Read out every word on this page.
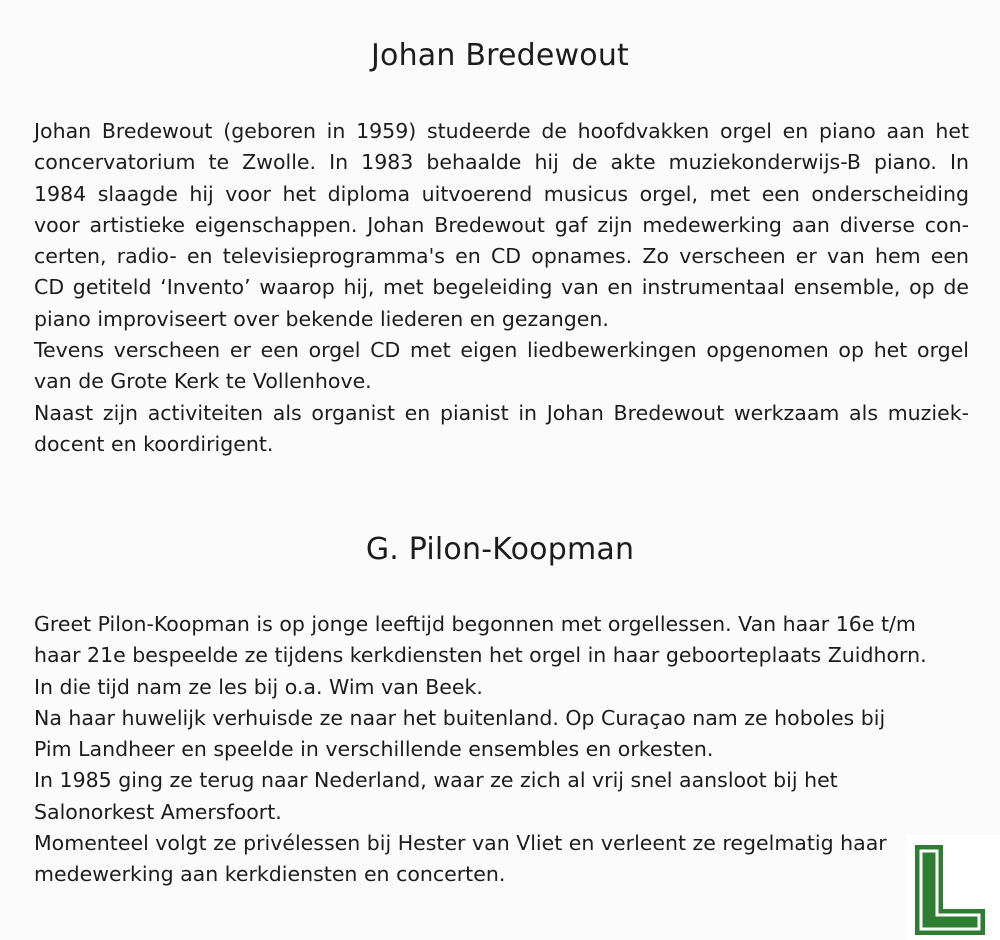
Johan Bredewout
Johan Bredewout (geboren in 1959) studeerde de hoofdvakken orgel en piano aan het
concervatorium te Zwolle. In 1983 behaalde hij de akte muziekonderwijs-B piano. In
1984 slaagde hij voor het diploma uitvoerend musicus orgel, met een onderscheiding
voor artistieke eigenschappen. Johan Bredewout gaf zijn medewerking aan diverse con-
certen, radio- en televisieprogramma's en CD opnames. Zo verscheen er van hem een
CD getiteld ‘Invento’ waarop hij, met begeleiding van en instrumentaal ensemble, op de
piano improviseert over bekende liederen en gezangen.
Tevens verscheen er een orgel CD met eigen liedbewerkingen opgenomen op het orgel
van de Grote Kerk te Vollenhove.
Naast zijn activiteiten als organist en pianist in Johan Bredewout werkzaam als muziek-
docent en koordirigent.
G. Pilon-Koopman
Greet Pilon-Koopman is op jonge leeftijd begonnen met orgellessen. Van haar 16e t/m
haar 21e bespeelde ze tijdens kerkdiensten het orgel in haar geboorteplaats Zuidhorn.
In die tijd nam ze les bij o.a. Wim van Beek.
Na haar huwelijk verhuisde ze naar het buitenland. Op Curaçao nam ze hoboles bij
Pim Landheer en speelde in verschillende ensembles en orkesten.
In 1985 ging ze terug naar Nederland, waar ze zich al vrij snel aansloot bij het
Salonorkest Amersfoort.
Momenteel volgt ze privélessen bij Hester van Vliet en verleent ze regelmatig haar
medewerking aan kerkdiensten en concerten.
